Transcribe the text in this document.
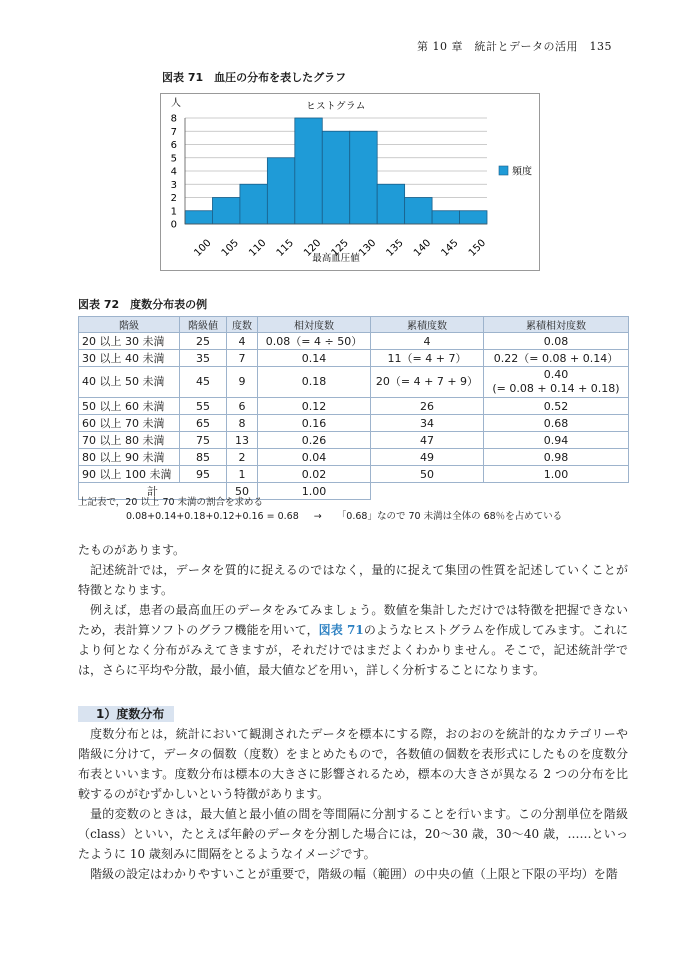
第 10 章　統計とデータの活用　135
図表 71　血圧の分布を表したグラフ
0
1
2
3
4
5
6
7
8
人	ヒストグラム
100 105 110 115 120 125 130 135 140 145 150
最高血圧値
頻度
図表 72　度数分布表の例
階級	階級値	度数	相対度数	累積度数	累積相対度数
20 以上 30 未満	25	4	0.08（= 4 ÷ 50）	4	0.08
30 以上 40 未満	35	7	0.14	11（= 4 + 7）	0.22（= 0.08 + 0.14）
40 以上 50 未満	45	9	0.18	20（= 4 + 7 + 9）	0.40
(= 0.08 + 0.14 + 0.18)

50 以上 60 未満	55	6	0.12	26	0.52
60 以上 70 未満	65	8	0.16	34	0.68
70 以上 80 未満	75	13	0.26	47	0.94
80 以上 90 未満	85	2	0.04	49	0.98
90 以上 100 未満	95	1	0.02	50	1.00
計		50	1.00		
上記表で，20 以上 70 未満の割合を求める
0.08+0.14+0.18+0.12+0.16 = 0.68 → 「0.68」なので 70 未満は全体の 68％を占めている

たものがあります。

記述統計では，データを質的に捉えるのではなく，量的に捉えて集団の性質を記述していくことが特徴となります。

例えば，患者の最高血圧のデータをみてみましょう。数値を集計しただけでは特徴を把握できないため，表計算ソフトのグラフ機能を用いて，図表 71のようなヒストグラムを作成してみます。これにより何となく分布がみえてきますが，それだけではまだよくわかりません。そこで，記述統計学では，さらに平均や分散，最小値，最大値などを用い，詳しく分析することになります。

1）度数分布

度数分布とは，統計において観測されたデータを標本にする際，おのおのを統計的なカテゴリーや階級に分けて，データの個数（度数）をまとめたもので，各数値の個数を表形式にしたものを度数分布表といいます。度数分布は標本の大きさに影響されるため，標本の大きさが異なる 2 つの分布を比較するのがむずかしいという特徴があります。

量的変数のときは，最大値と最小値の間を等間隔に分割することを行います。この分割単位を階級（class）といい，たとえば年齢のデータを分割した場合には，20〜30 歳，30〜40 歳，……といったように 10 歳刻みに間隔をとるようなイメージです。

階級の設定はわかりやすいことが重要で，階級の幅（範囲）の中央の値（上限と下限の平均）を階
